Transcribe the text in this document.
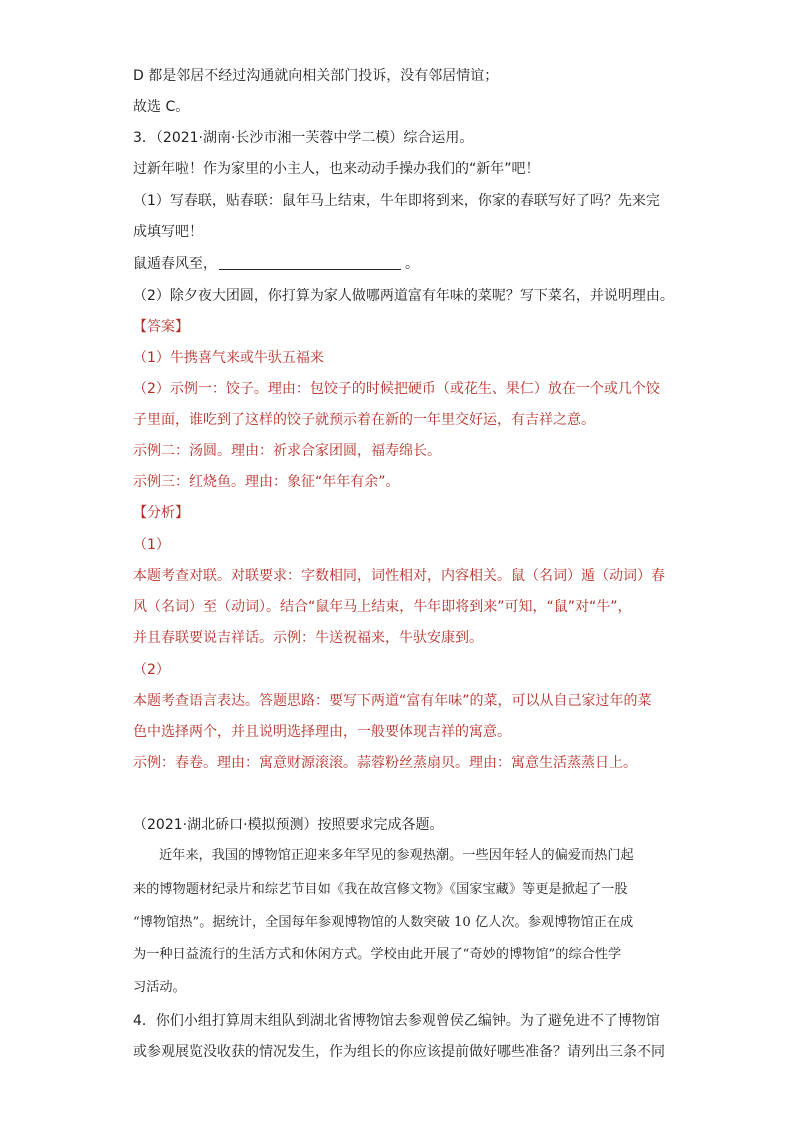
D 都是邻居不经过沟通就向相关部门投诉，没有邻居情谊；
故选 C。
3．（2021·湖南·长沙市湘一芙蓉中学二模）综合运用。
过新年啦！作为家里的小主人，也来动动手操办我们的“新年”吧！
（1）写春联，贴春联：鼠年马上结束，牛年即将到来，你家的春联写好了吗？先来完
成填写吧！
鼠遁春风至，	。
（2）除夕夜大团圆，你打算为家人做哪两道富有年味的菜呢？写下菜名，并说明理由。
【答案】
（1）牛携喜气来或牛驮五福来
（2）示例一：饺子。理由：包饺子的时候把硬币（或花生、果仁）放在一个或几个饺
子里面，谁吃到了这样的饺子就预示着在新的一年里交好运，有吉祥之意。
示例二：汤圆。理由：祈求合家团圆，福寿绵长。
示例三：红烧鱼。理由：象征“年年有余”。
【分析】
（1）
本题考查对联。对联要求：字数相同，词性相对，内容相关。鼠（名词）遁（动词）春
风（名词）至（动词）。结合“鼠年马上结束，牛年即将到来”可知，“鼠”对“牛”，
并且春联要说吉祥话。示例：牛送祝福来，牛驮安康到。
（2）
本题考查语言表达。答题思路：要写下两道“富有年味”的菜，可以从自己家过年的菜
色中选择两个，并且说明选择理由，一般要体现吉祥的寓意。
示例：春卷。理由：寓意财源滚滚。蒜蓉粉丝蒸扇贝。理由：寓意生活蒸蒸日上。
（2021·湖北硚口·模拟预测）按照要求完成各题。
近年来，我国的博物馆正迎来多年罕见的参观热潮。一些因年轻人的偏爱而热门起
来的博物题材纪录片和综艺节目如《我在故宫修文物》《国家宝藏》等更是掀起了一股
“博物馆热”。据统计，全国每年参观博物馆的人数突破 10 亿人次。参观博物馆正在成
为一种日益流行的生活方式和休闲方式。学校由此开展了“奇妙的博物馆”的综合性学
习活动。
4．你们小组打算周末组队到湖北省博物馆去参观曾侯乙编钟。为了避免进不了博物馆
或参观展览没收获的情况发生，作为组长的你应该提前做好哪些准备？请列出三条不同
